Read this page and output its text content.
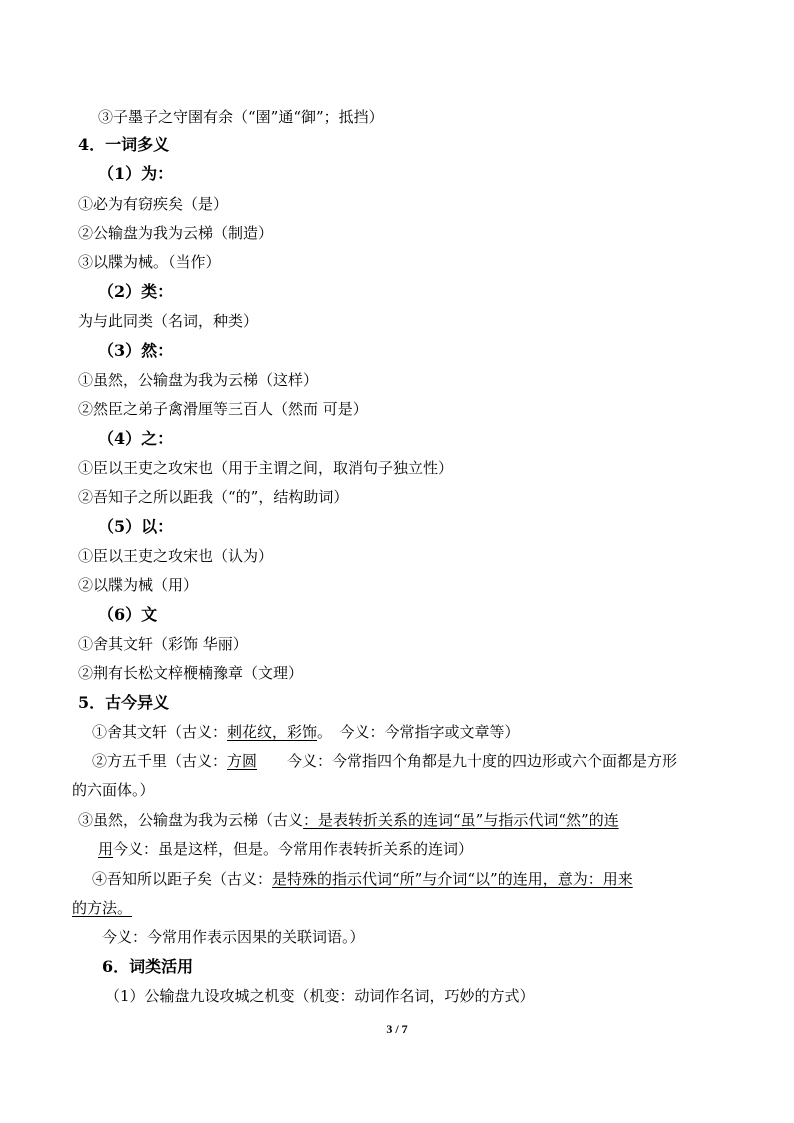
③子墨子之守圉有余（“圉”通“御”；抵挡）
4．一词多义
（1）为：
①必为有窃疾矣（是）
②公输盘为我为云梯（制造）
③以牒为械。（当作）
（2）类：
为与此同类（名词，种类）
（3）然：
①虽然，公输盘为我为云梯（这样）
②然臣之弟子禽滑厘等三百人（然而 可是）
（4）之：
①臣以王吏之攻宋也（用于主谓之间，取消句子独立性）
②吾知子之所以距我（“的”，结构助词）
（5）以：
①臣以王吏之攻宋也（认为）
②以牒为械（用）
（6）文
①舍其文轩（彩饰 华丽）
②荆有长松文梓楩楠豫章（文理）
5．古今异义
①舍其文轩（古义：刺花纹，彩饰。　今义：今常指字或文章等）
②方五千里（古义：方圆　　今义：今常指四个角都是九十度的四边形或六个面都是方形
的六面体。）
③虽然，公输盘为我为云梯（古义：是表转折关系的连词“虽”与指示代词“然”的连
用今义：虽是这样，但是。今常用作表转折关系的连词）
④吾知所以距子矣（古义：是特殊的指示代词“所”与介词“以”的连用，意为：用来
的方法。
今义：今常用作表示因果的关联词语。）
6．词类活用
（1）公输盘九设攻城之机变（机变：动词作名词，巧妙的方式）
3 / 7
